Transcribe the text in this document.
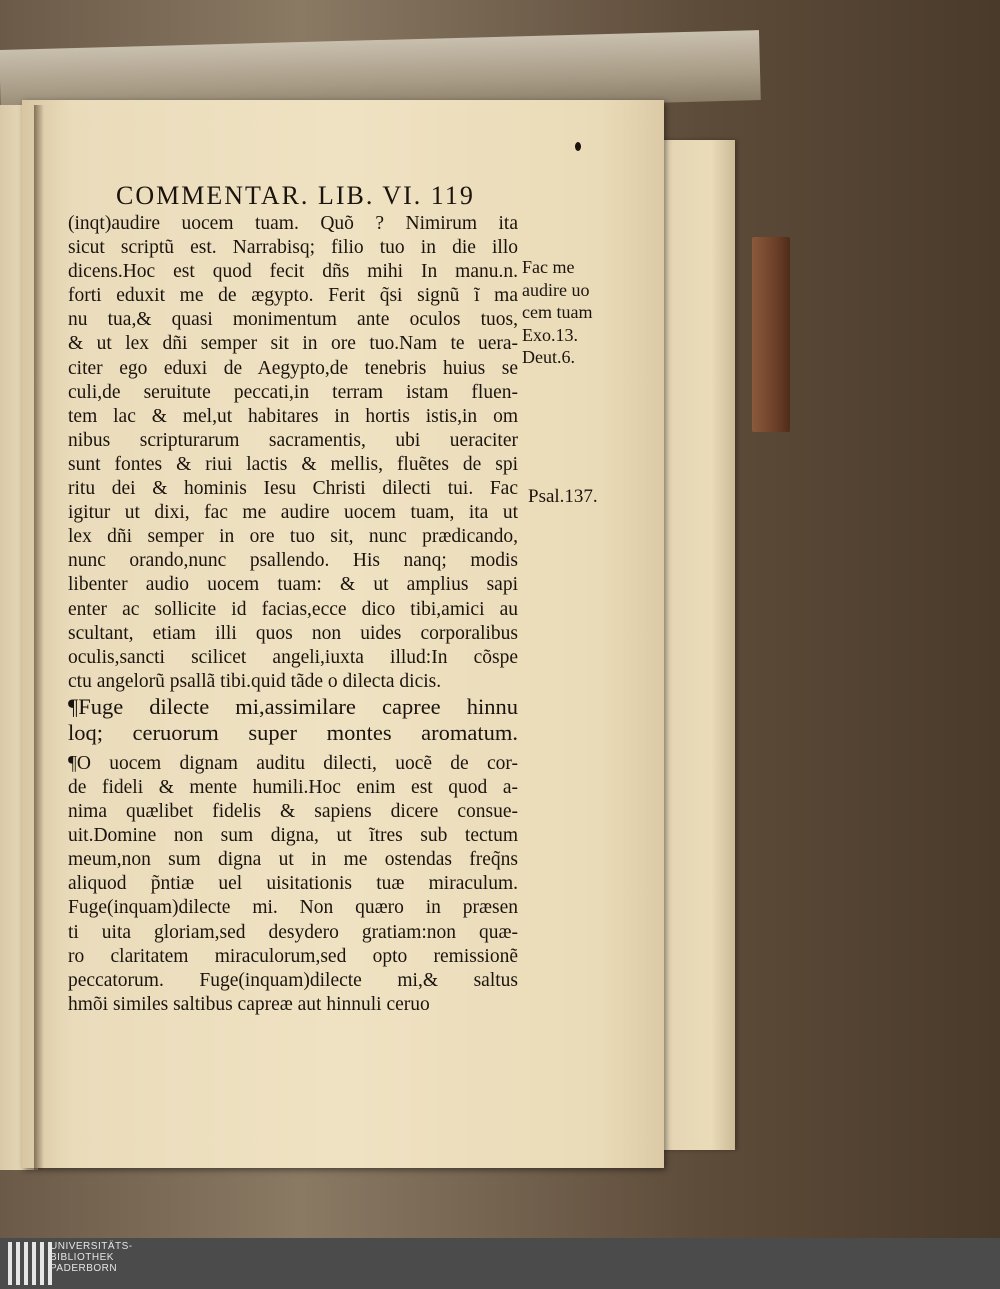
COMMENTAR. LIB. VI. 119
(inqt)audire uocem tuam. Quõ ? Nimirum ita
sicut scriptũ est. Narrabisq; filio tuo in die illo
dicens.Hoc est quod fecit dñs mihi In manu.n.
forti eduxit me de ægypto. Ferit q̃si signũ ĩ ma
nu tua,& quasi monimentum ante oculos tuos,
& ut lex dñi semper sit in ore tuo.Nam te uera-
citer ego eduxi de Aegypto,de tenebris huius se
culi,de seruitute peccati,in terram istam fluen-
tem lac & mel,ut habitares in hortis istis,in om
nibus scripturarum sacramentis, ubi ueraciter
sunt fontes & riui lactis & mellis, fluẽtes de spi
ritu dei & hominis Iesu Christi dilecti tui. Fac
igitur ut dixi, fac me audire uocem tuam, ita ut
lex dñi semper in ore tuo sit, nunc prædicando,
nunc orando,nunc psallendo. His nanq; modis
libenter audio uocem tuam: & ut amplius sapi
enter ac sollicite id facias,ecce dico tibi,amici au
scultant, etiam illi quos non uides corporalibus
oculis,sancti scilicet angeli,iuxta illud:In cõspe
ctu angelorũ psallã tibi.quid tãde o dilecta dicis.
¶Fuge dilecte mi,assimilare capree hinnu
loq; ceruorum super montes aromatum.
¶O uocem dignam auditu dilecti, uocẽ de cor-
de fideli & mente humili.Hoc enim est quod a-
nima quælibet fidelis & sapiens dicere consue-
uit.Domine non sum digna, ut ĩtres sub tectum
meum,non sum digna ut in me ostendas freq̃ns
aliquod p̃ntiæ uel uisitationis tuæ miraculum.
Fuge(inquam)dilecte mi. Non quæro in præsen
ti uita gloriam,sed desydero gratiam:non quæ-
ro claritatem miraculorum,sed opto remissionẽ
peccatorum. Fuge(inquam)dilecte mi,& saltus
hmõi similes saltibus capreæ aut hinnuli ceruo
Fac me
audire uo
cem tuam
Exo.13.
Deut.6.
Psal.137.
UNIVERSITÄTS-
BIBLIOTHEK
PADERBORN
